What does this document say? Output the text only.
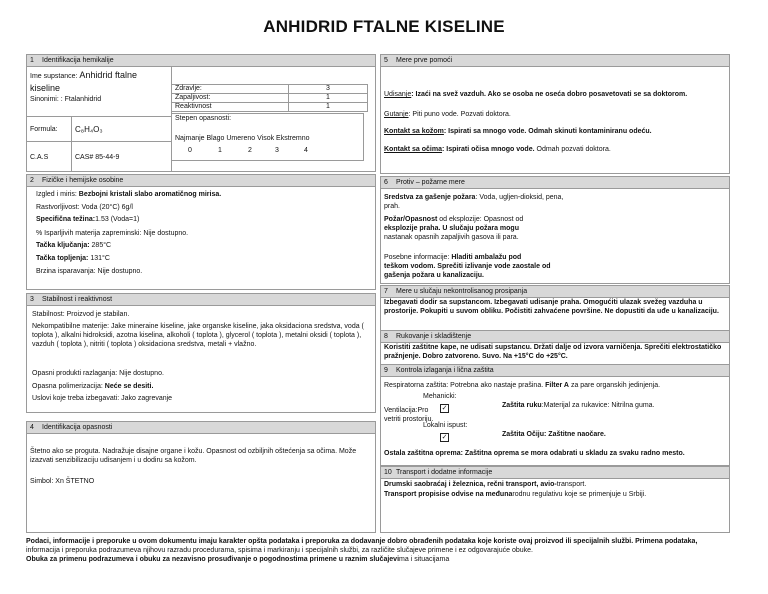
ANHIDRID FTALNE KISELINE
1 Identifikacija hemikalije
Ime supstance: Anhidrid ftalne
kiseline
Sinonimi: : Ftalanhidrid
Formula: C₈H₄O₃
C.A.S	CAS# 85-44-9
Zdravlje:	3
Zapaljivost:	1
Reaktivnost	1
Stepen opasnosti:
Najmanje Blago Umereno Visok Ekstremno
0	1	2	3	4
2 Fizičke i hemijske osobine
Izgled i miris: Bezbojni kristali slabo aromatičnog mirisa.
Rastvorljivost: Voda (20°C) 6g/l
Specifična težina:1.53 (Voda=1)
% Isparljivih materija zapreminski: Nije dostupno.
Tačka ključanja: 285°C
Tačka topljenja: 131°C
Brzina isparavanja: Nije dostupno.
3 Stabilnost i reaktivnost
Stabilnost: Proizvod je stabilan.
Nekompatibilne materije: Jake mineraine kiseline, jake organske kiseline, jaka oksidaciona sredstva, voda ( toplota ), alkalni hidroksidi, azotna kiselina, alkoholi ( toplota ), glycerol ( toplota ), metalni oksidi ( toplota ), vazduh ( toplota ), nitriti ( toplota ) oksidaciona sredstva, metali + vlažno.
Opasni produkti razlaganja: Nije dostupno.
Opasna polimerizacija: Neće se desiti.
Uslovi koje treba izbegavati: Jako zagrevanje
4 Identifikacija opasnosti
Štetno ako se proguta. Nadražuje disajne organe i kožu. Opasnost od ozbiljnih oštećenja sa očima. Može izazvati senzibilizaciju udisanjem i u dodiru sa kožom.
Simbol: Xn ŠTETNO
5 Mere prve pomoći
Udisanje: Izaći na svež vazduh. Ako se osoba ne oseća dobro posavetovati se sa doktorom.
Gutanje: Piti puno vode. Pozvati doktora.
Kontakt sa kožom: Ispirati sa mnogo vode. Odmah skinuti kontaminiranu odeću.
Kontakt sa očima: Ispirati očisa mnogo vode. Odmah pozvati doktora.
6 Protiv – požarne mere
Sredstva za gašenje požara: Voda, ugljen-dioksid, pena, prah.
Požar/Opasnost od eksplozije: Opasnost od
eksplozije praha. U slučaju požara mogu
nastanak opasnih zapaljivih gasova ili para.
Posebne informacije: Hladiti ambalažu pod
teškom vodom. Sprečiti izlivanje vode zaostale od
gašenja požara u kanalizaciju.
7 Mere u slučaju nekontrolisanog prosipanja
Izbegavati dodir sa supstancom. Izbegavati udisanje praha. Omogućiti ulazak svežeg vazduha u prostorije. Pokupiti u suvom obliku. Počistiti zahvaćene površine. Ne dopustiti da uđe u kanalizaciju.
8 Rukovanje i skladištenje
Koristiti zaštitne kape, ne udisati supstancu. Držati dalje od izvora varničenja. Sprečiti elektrostatičko pražnjenje. Dobro zatvoreno. Suvo. Na +15°C do +25°C.
9 Kontrola izlaganja i lična zaštita
Respiratorna zaštita: Potrebna ako nastaje prašina. Filter A za pare organskih jedinjenja.
Mehanicki:
✓
Ventilacija:Pro vetriti prostoriju.
Lokalni ispust:
✓
Zaštita ruku:Materijal za rukavice: Nitrilna guma.
Zaštita Očiju: Zaštitne naočare.
Ostala zaštitna oprema: Zaštitna oprema se mora odabrati u skladu za svaku radno mesto.
10 Transport i dodatne informacije
Drumski saobraćaj i železnica, rečni transport, avio-transport.
Transport propisise odvise na međunarodnu regulativu koje se primenjuje u Srbiji.
Podaci, informacije i preporuke u ovom dokumentu imaju karakter opšta podataka i preporuka za dodavanje dobro obrađenih podataka koje koriste ovaj proizvod ili specijalnih službi. Primena podataka,
informacija i preporuka podrazumeva njihovu razradu procedurama, spisima i markiranju i specijalnih službi, za različite slučajeve primene i ez odgovarajuće obuke.
Obuka za primenu podrazumeva i obuku za nezavisno prosuđivanje o pogodnostima primene u raznim slučajevima i situacijama
